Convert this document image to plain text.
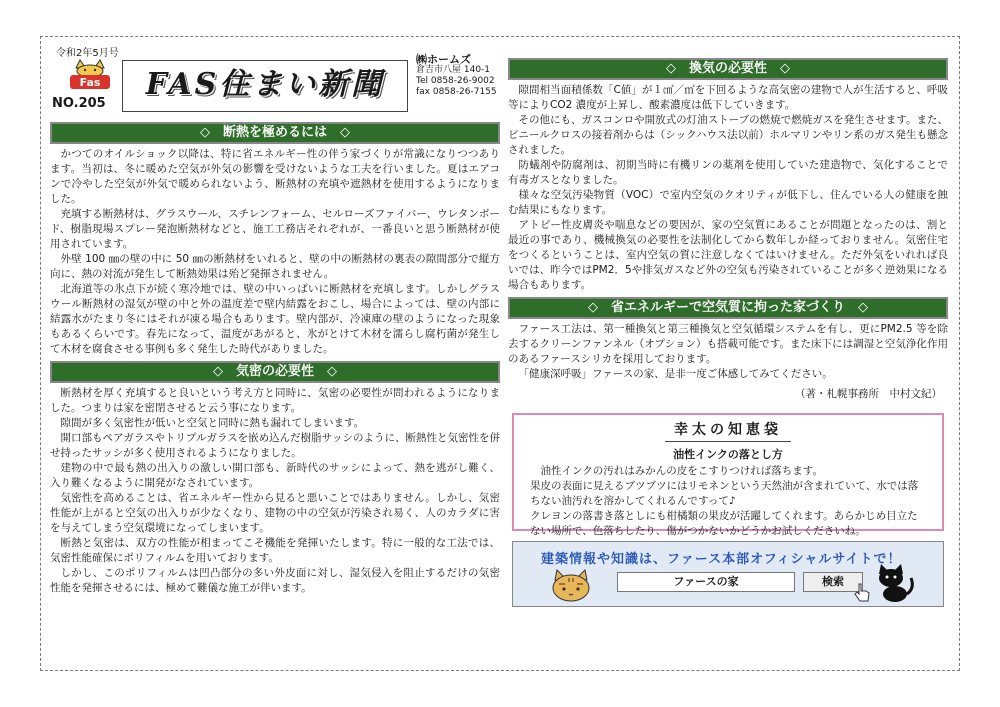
令和2年5月号
Fas
NO.205
FAS住まい新聞
㈱ホームズ
倉吉市八屋 140-1
Tel 0858-26-9002
fax 0858-26-7155
◇　断熱を極めるには　◇

かつてのオイルショック以降は、特に省エネルギー性の伴う家づくりが常識になりつつあります。当初は、冬に暖めた空気が外気の影響を受けないような工夫を行いました。夏はエアコンで冷やした空気が外気で暖められないよう、断熱材の充填や遮熱材を使用するようになりました。

充填する断熱材は、グラスウール、スチレンフォーム、セルローズファイバー、ウレタンボード、樹脂現場スプレー発泡断熱材などと、施工工務店それぞれが、一番良いと思う断熱材が使用されています。

外壁 100 ㎜の壁の中に 50 ㎜の断熱材をいれると、壁の中の断熱材の裏表の隙間部分で縦方向に、熱の対流が発生して断熱効果は殆ど発揮されません。

北海道等の氷点下が続く寒冷地では、壁の中いっぱいに断熱材を充填します。しかしグラスウール断熱材の湿気が壁の中と外の温度差で壁内結露をおこし、場合によっては、壁の内部に結露水がたまり冬にはそれが凍る場合もあります。壁内部が、冷凍庫の壁のようになった現象もあるくらいです。春先になって、温度があがると、氷がとけて木材を濡らし腐朽菌が発生して木材を腐食させる事例も多く発生した時代がありました。

◇　気密の必要性　◇

断熱材を厚く充填すると良いという考え方と同時に、気密の必要性が問われるようになりました。つまりは家を密閉させると云う事になります。

隙間が多く気密性が低いと空気と同時に熱も漏れてしまいます。

開口部もペアガラスやトリプルガラスを嵌め込んだ樹脂サッシのように、断熱性と気密性を併せ持ったサッシが多く使用されるようになりました。

建物の中で最も熱の出入りの激しい開口部も、新時代のサッシによって、熱を逃がし難く、入り難くなるように開発がなされています。

気密性を高めることは、省エネルギー性から見ると悪いことではありません。しかし、気密性能が上がると空気の出入りが少なくなり、建物の中の空気が汚染され易く、人のカラダに害を与えてしまう空気環境になってしまいます。

断熱と気密は、双方の性能が相まってこそ機能を発揮いたします。特に一般的な工法では、気密性能確保にポリフィルムを用いております。

しかし、このポリフィルムは凹凸部分の多い外皮面に対し、湿気侵入を阻止するだけの気密性能を発揮させるには、極めて難儀な施工が伴います。

◇　換気の必要性　◇

隙間相当面積係数「C値」が１㎠／㎡を下回るような高気密の建物で人が生活すると、呼吸等によりCO2 濃度が上昇し、酸素濃度は低下していきます。

その他にも、ガスコンロや開放式の灯油ストーブの燃焼で燃焼ガスを発生させます。また、ビニールクロスの接着剤からは（シックハウス法以前）ホルマリンやリン系のガス発生も懸念されました。

防蟻剤や防腐剤は、初期当時に有機リンの薬剤を使用していた建造物で、気化することで有毒ガスとなりました。

様々な空気汚染物質（VOC）で室内空気のクオリティが低下し、住んでいる人の健康を蝕む結果にもなります。

アトピー性皮膚炎や喘息などの要因が、家の空気質にあることが問題となったのは、割と最近の事であり、機械換気の必要性を法制化してから数年しか経っておりません。気密住宅をつくるということは、室内空気の質に注意しなくてはいけません。ただ外気をいれれば良いでは、昨今ではPM2．5や排気ガスなど外の空気も汚染されていることが多く逆効果になる場合もあります。

◇　省エネルギーで空気質に拘った家づくり　◇

ファース工法は、第一種換気と第三種換気と空気循環システムを有し、更にPM2.5 等を除去するクリーンファンネル（オプション）も搭載可能です。また床下には調湿と空気浄化作用のあるファースシリカを採用しております。

「健康深呼吸」ファースの家、是非一度ご体感してみてください。

（著・札幌事務所　中村文紀）
幸太の知恵袋
油性インクの落とし方

油性インクの汚れはみかんの皮をこすりつければ落ちます。

果皮の表面に見えるブツブツにはリモネンという天然油が含まれていて、水では落ちない油汚れを溶かしてくれるんですって♪

クレヨンの落書き落としにも柑橘類の果皮が活躍してくれます。あらかじめ目立たない場所で、色落ちしたり、傷がつかないかどうかお試しくださいね。

建築情報や知識は、ファース本部オフィシャルサイトで！
ファースの家	検索
